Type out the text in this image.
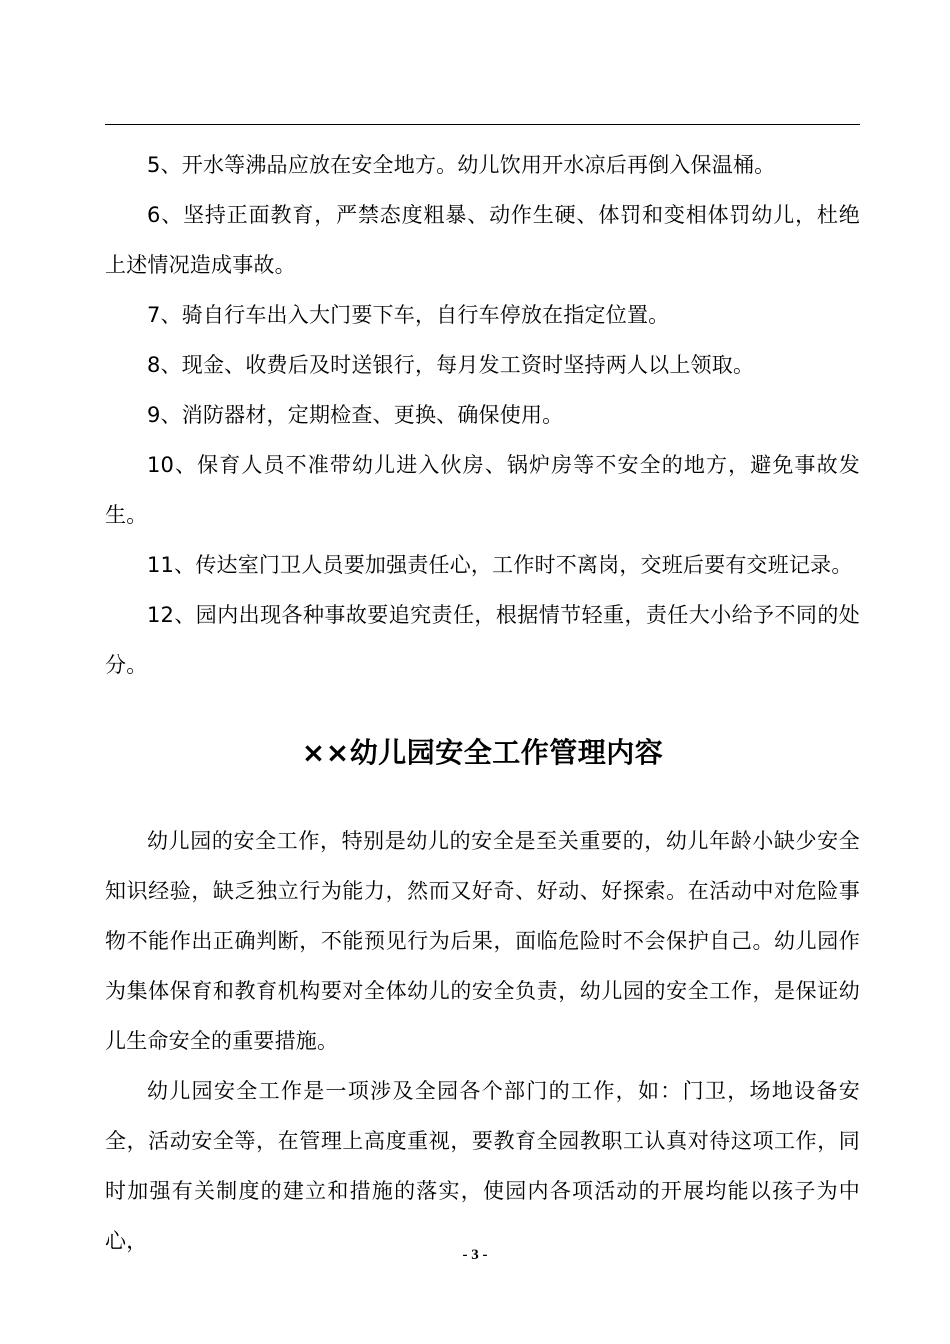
5、开水等沸品应放在安全地方。幼儿饮用开水凉后再倒入保温桶。

6、坚持正面教育，严禁态度粗暴、动作生硬、体罚和变相体罚幼儿，杜绝上述情况造成事故。

7、骑自行车出入大门要下车，自行车停放在指定位置。

8、现金、收费后及时送银行，每月发工资时坚持两人以上领取。

9、消防器材，定期检查、更换、确保使用。

10、保育人员不准带幼儿进入伙房、锅炉房等不安全的地方，避免事故发生。

11、传达室门卫人员要加强责任心，工作时不离岗，交班后要有交班记录。

12、园内出现各种事故要追究责任，根据情节轻重，责任大小给予不同的处分。

××幼儿园安全工作管理内容

幼儿园的安全工作，特别是幼儿的安全是至关重要的，幼儿年龄小缺少安全知识经验，缺乏独立行为能力，然而又好奇、好动、好探索。在活动中对危险事物不能作出正确判断，不能预见行为后果，面临危险时不会保护自己。幼儿园作为集体保育和教育机构要对全体幼儿的安全负责，幼儿园的安全工作，是保证幼儿生命安全的重要措施。

幼儿园安全工作是一项涉及全园各个部门的工作，如：门卫，场地设备安全，活动安全等，在管理上高度重视，要教育全园教职工认真对待这项工作，同时加强有关制度的建立和措施的落实，使园内各项活动的开展均能以孩子为中心，

- 3 -
